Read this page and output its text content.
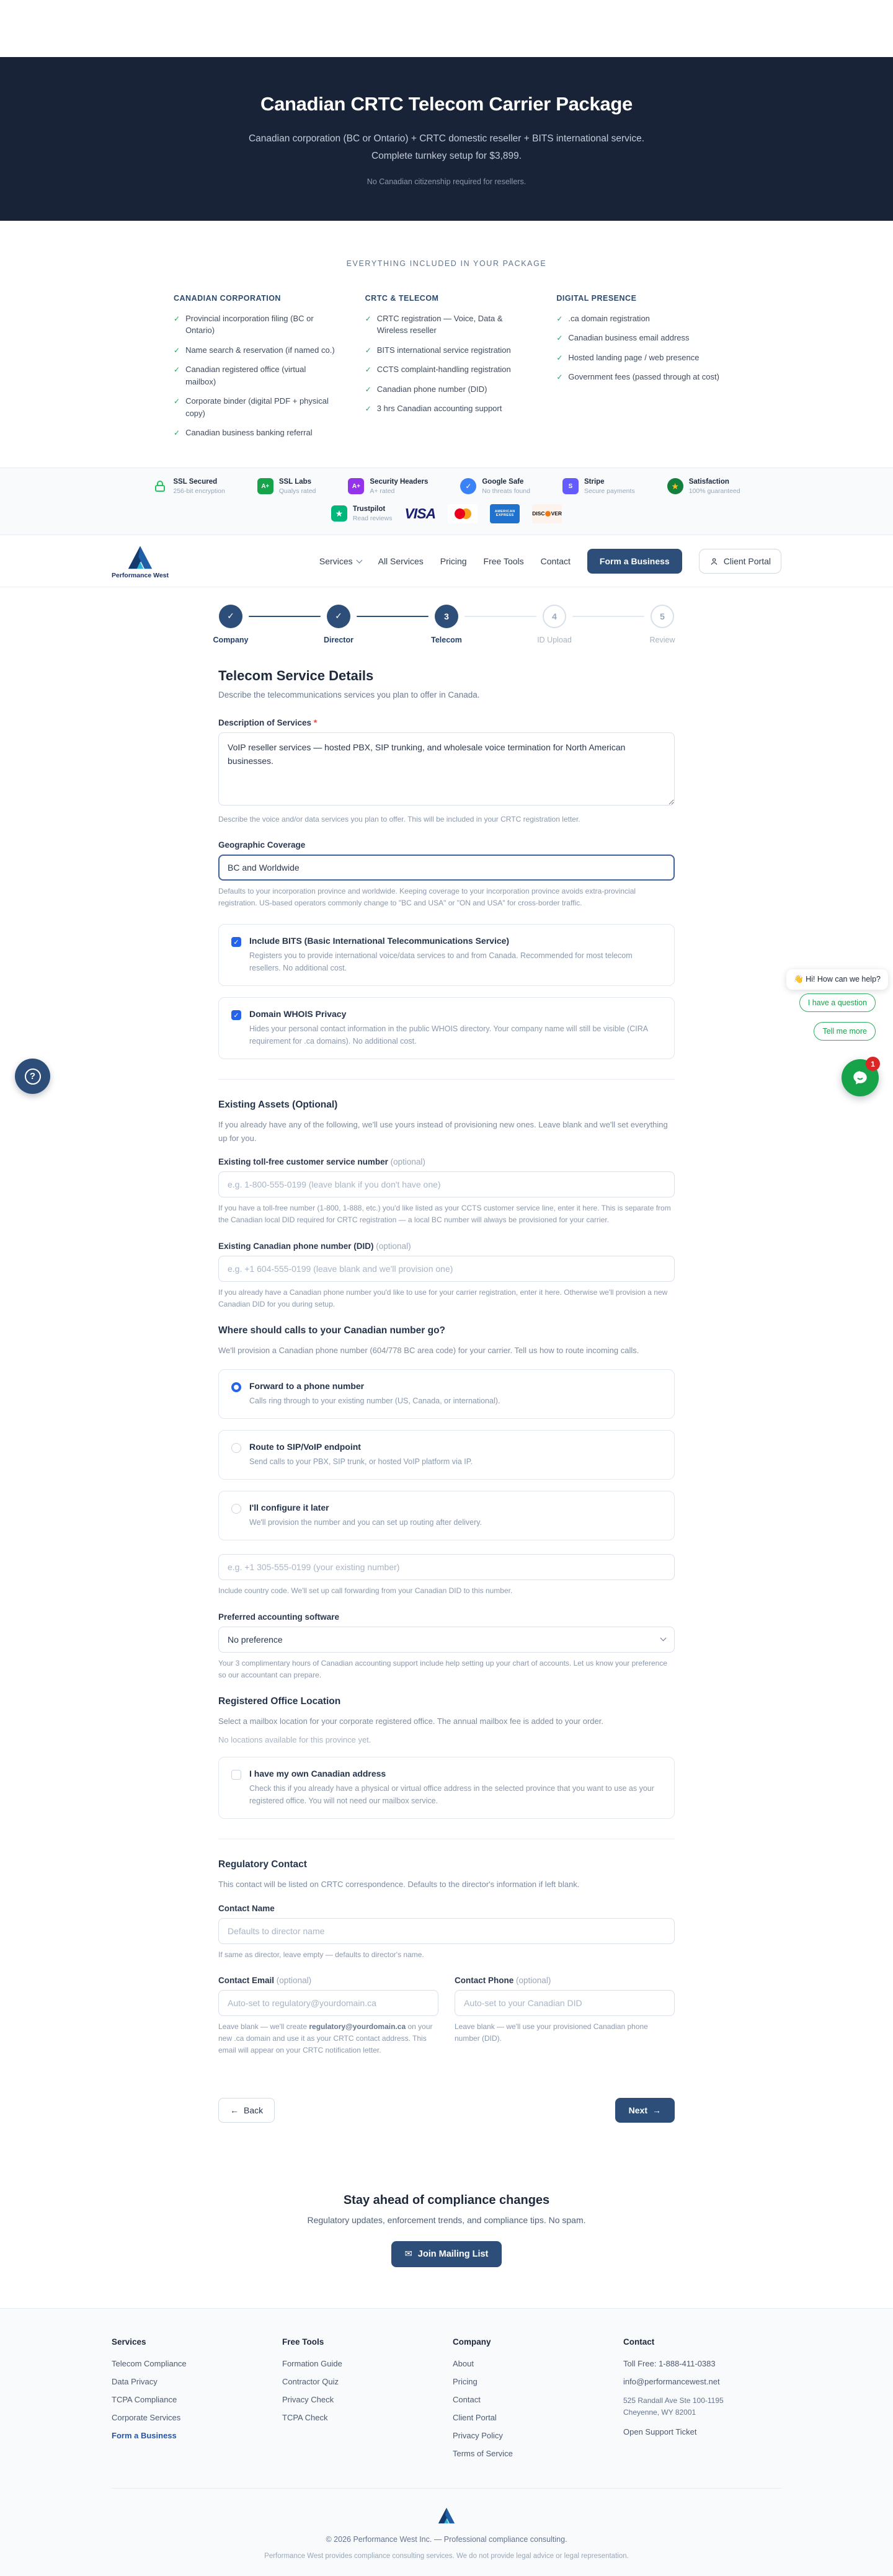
Canadian CRTC Telecom Carrier Package
Canadian corporation (BC or Ontario) + CRTC domestic reseller + BITS international service. Complete turnkey setup for $3,899.
No Canadian citizenship required for resellers.
EVERYTHING INCLUDED IN YOUR PACKAGE
CANADIAN CORPORATION
✓ Provincial incorporation filing (BC or Ontario)
✓ Name search & reservation (if named co.)
✓ Canadian registered office (virtual mailbox)
✓ Corporate binder (digital PDF + physical copy)
✓ Canadian business banking referral
CRTC & TELECOM
✓ CRTC registration — Voice, Data & Wireless reseller
✓ BITS international service registration
✓ CCTS complaint-handling registration
✓ Canadian phone number (DID)
✓ 3 hrs Canadian accounting support
DIGITAL PRESENCE
✓ .ca domain registration
✓ Canadian business email address
✓ Hosted landing page / web presence
✓ Government fees (passed through at cost)
SSL Secured
256-bit encryption
A+
SSL Labs
Qualys rated
A+
Security Headers
A+ rated
✓
Google Safe
No threats found
S
Stripe
Secure payments	★	Satisfaction
100% guaranteed
★	Trustpilot
Read reviews VISA	AMERICAN EXPRESS	DISC VER
Performance West
Services	All Services Pricing Free Tools Contact	Form a Business	Client Portal
✓
Company
✓
Director
3
Telecom
4
ID Upload
5
Review
Telecom Service Details
Describe the telecommunications services you plan to offer in Canada.
Description of Services *
VoIP reseller services — hosted PBX, SIP trunking, and wholesale voice termination for North American businesses.
Describe the voice and/or data services you plan to offer. This will be included in your CRTC registration letter.
Geographic Coverage
BC and Worldwide
Defaults to your incorporation province and worldwide. Keeping coverage to your incorporation province avoids extra-provincial registration. US-based operators commonly change to "BC and USA" or "ON and USA" for cross-border traffic.
✓ Include BITS (Basic International Telecommunications Service)
Registers you to provide international voice/data services to and from Canada. Recommended for most telecom resellers. No additional cost.
✓ Domain WHOIS Privacy
Hides your personal contact information in the public WHOIS directory. Your company name will still be visible (CIRA requirement for .ca domains). No additional cost.
Existing Assets (Optional)

If you already have any of the following, we'll use yours instead of provisioning new ones. Leave blank and we'll set everything up for you.

Existing toll-free customer service number (optional)
e.g. 1-800-555-0199 (leave blank if you don't have one)
If you have a toll-free number (1-800, 1-888, etc.) you'd like listed as your CCTS customer service line, enter it here. This is separate from the Canadian local DID required for CRTC registration — a local BC number will always be provisioned for your carrier.
Existing Canadian phone number (DID) (optional)
e.g. +1 604-555-0199 (leave blank and we'll provision one)
If you already have a Canadian phone number you'd like to use for your carrier registration, enter it here. Otherwise we'll provision a new Canadian DID for you during setup.
Where should calls to your Canadian number go?

We'll provision a Canadian phone number (604/778 BC area code) for your carrier. Tell us how to route incoming calls.

Forward to a phone number
Calls ring through to your existing number (US, Canada, or international).
Route to SIP/VoIP endpoint
Send calls to your PBX, SIP trunk, or hosted VoIP platform via IP.
I'll configure it later
We'll provision the number and you can set up routing after delivery.
e.g. +1 305-555-0199 (your existing number)
Include country code. We'll set up call forwarding from your Canadian DID to this number.
Preferred accounting software
No preference
Your 3 complimentary hours of Canadian accounting support include help setting up your chart of accounts. Let us know your preference so our accountant can prepare.
Registered Office Location

Select a mailbox location for your corporate registered office. The annual mailbox fee is added to your order.

No locations available for this province yet.

I have my own Canadian address
Check this if you already have a physical or virtual office address in the selected province that you want to use as your registered office. You will not need our mailbox service.
Regulatory Contact

This contact will be listed on CRTC correspondence. Defaults to the director's information if left blank.

Contact Name
Defaults to director name
If same as director, leave empty — defaults to director's name.
Contact Email (optional)
Auto-set to regulatory@yourdomain.ca
Leave blank — we'll create regulatory@yourdomain.ca on your new .ca domain and use it as your CRTC contact address. This email will appear on your CRTC notification letter.
Contact Phone (optional)
Auto-set to your Canadian DID
Leave blank — we'll use your provisioned Canadian phone number (DID).
← Back	Next →
Stay ahead of compliance changes

Regulatory updates, enforcement trends, and compliance tips. No spam.

✉ Join Mailing List
Services
Telecom Compliance
Data Privacy
TCPA Compliance
Corporate Services
Form a Business
Free Tools
Formation Guide
Contractor Quiz
Privacy Check
TCPA Check
Company
About
Pricing
Contact
Client Portal
Privacy Policy
Terms of Service
Contact
Toll Free: 1-888-411-0383
info@performancewest.net
525 Randall Ave Ste 100-1195
Cheyenne, WY 82001
Open Support Ticket
© 2026 Performance West Inc. — Professional compliance consulting.
Performance West provides compliance consulting services. We do not provide legal advice or legal representation.
?
👋 Hi! How can we help?
I have a question
Tell me more
1
